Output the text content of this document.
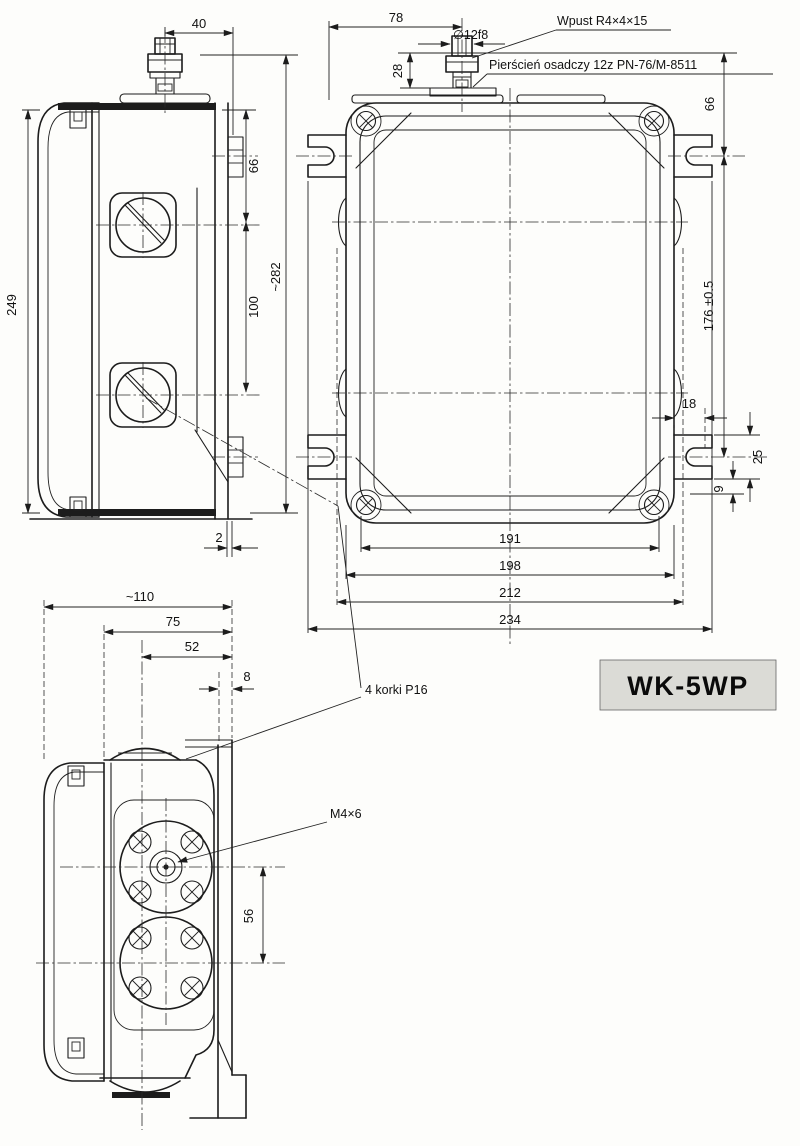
40
66
100
249
~282
2
78
∅12f8
28
Wpust R4×4×15
Pierścień osadczy 12z PN-76/M-8511
66
176 ±0.5
18
25
9
191
198
212
234
~110
75
52
8
56
M4×6
4 korki P16	WK-5WP
